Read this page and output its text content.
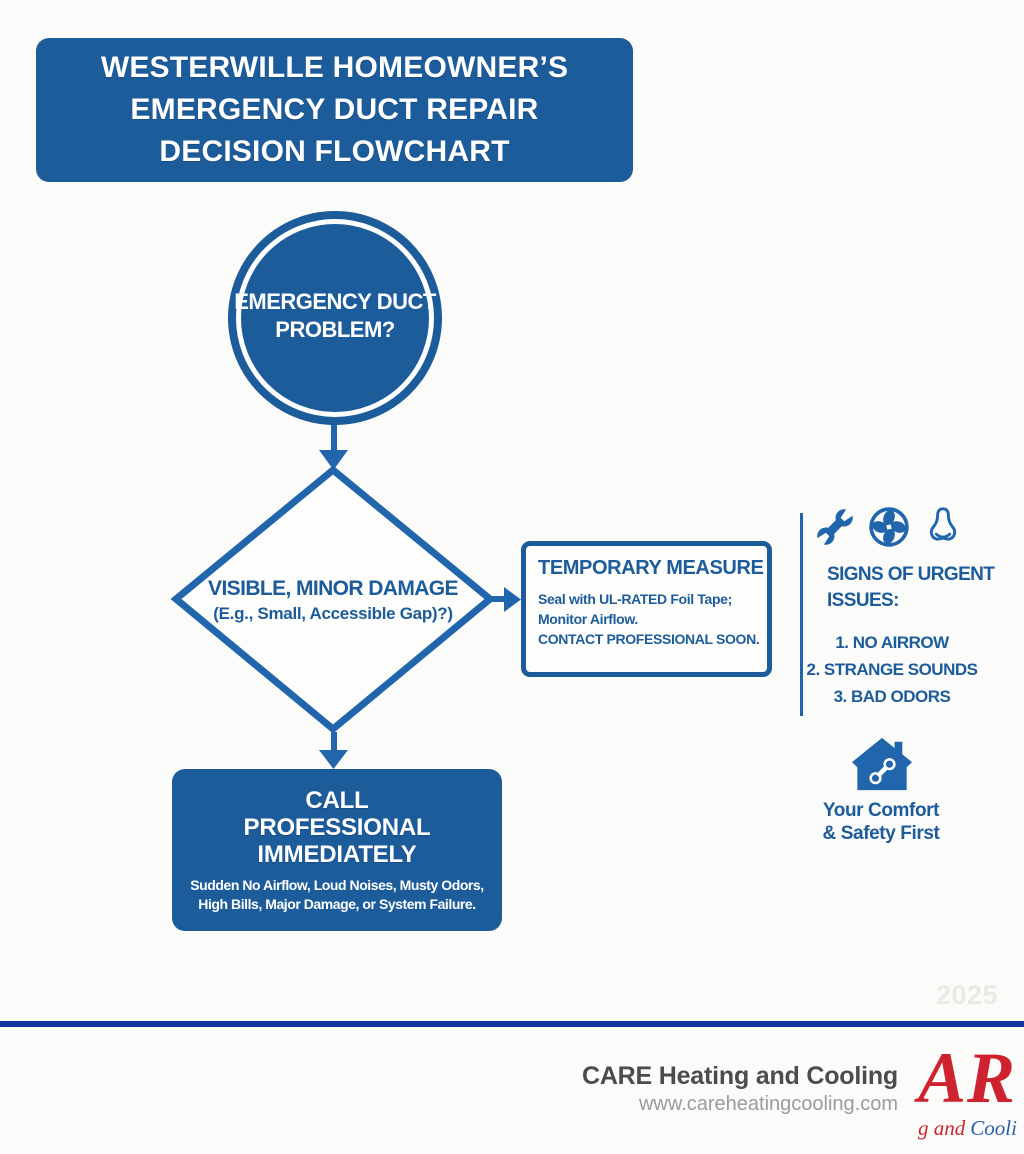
WESTERWILLE HOMEOWNER’S
EMERGENCY DUCT REPAIR
DECISION FLOWCHART
EMERGENCY DUCT
PROBLEM?
VISIBLE, MINOR DAMAGE
(E.g., Small, Accessible Gap)?)
TEMPORARY MEASURE
Seal with UL-RATED Foil Tape;
Monitor Airflow.
CONTACT PROFESSIONAL SOON.
CALL
PROFESSIONAL
IMMEDIATELY
Sudden No Airflow, Loud Noises, Musty Odors,
High Bills, Major Damage, or System Failure.
SIGNS OF URGENT
ISSUES:
1. NO AIRROW
2. STRANGE SOUNDS
3. BAD ODORS
Your Comfort
& Safety First
2025
CARE Heating and Cooling
www.careheatingcooling.com AR
g and Cooli
